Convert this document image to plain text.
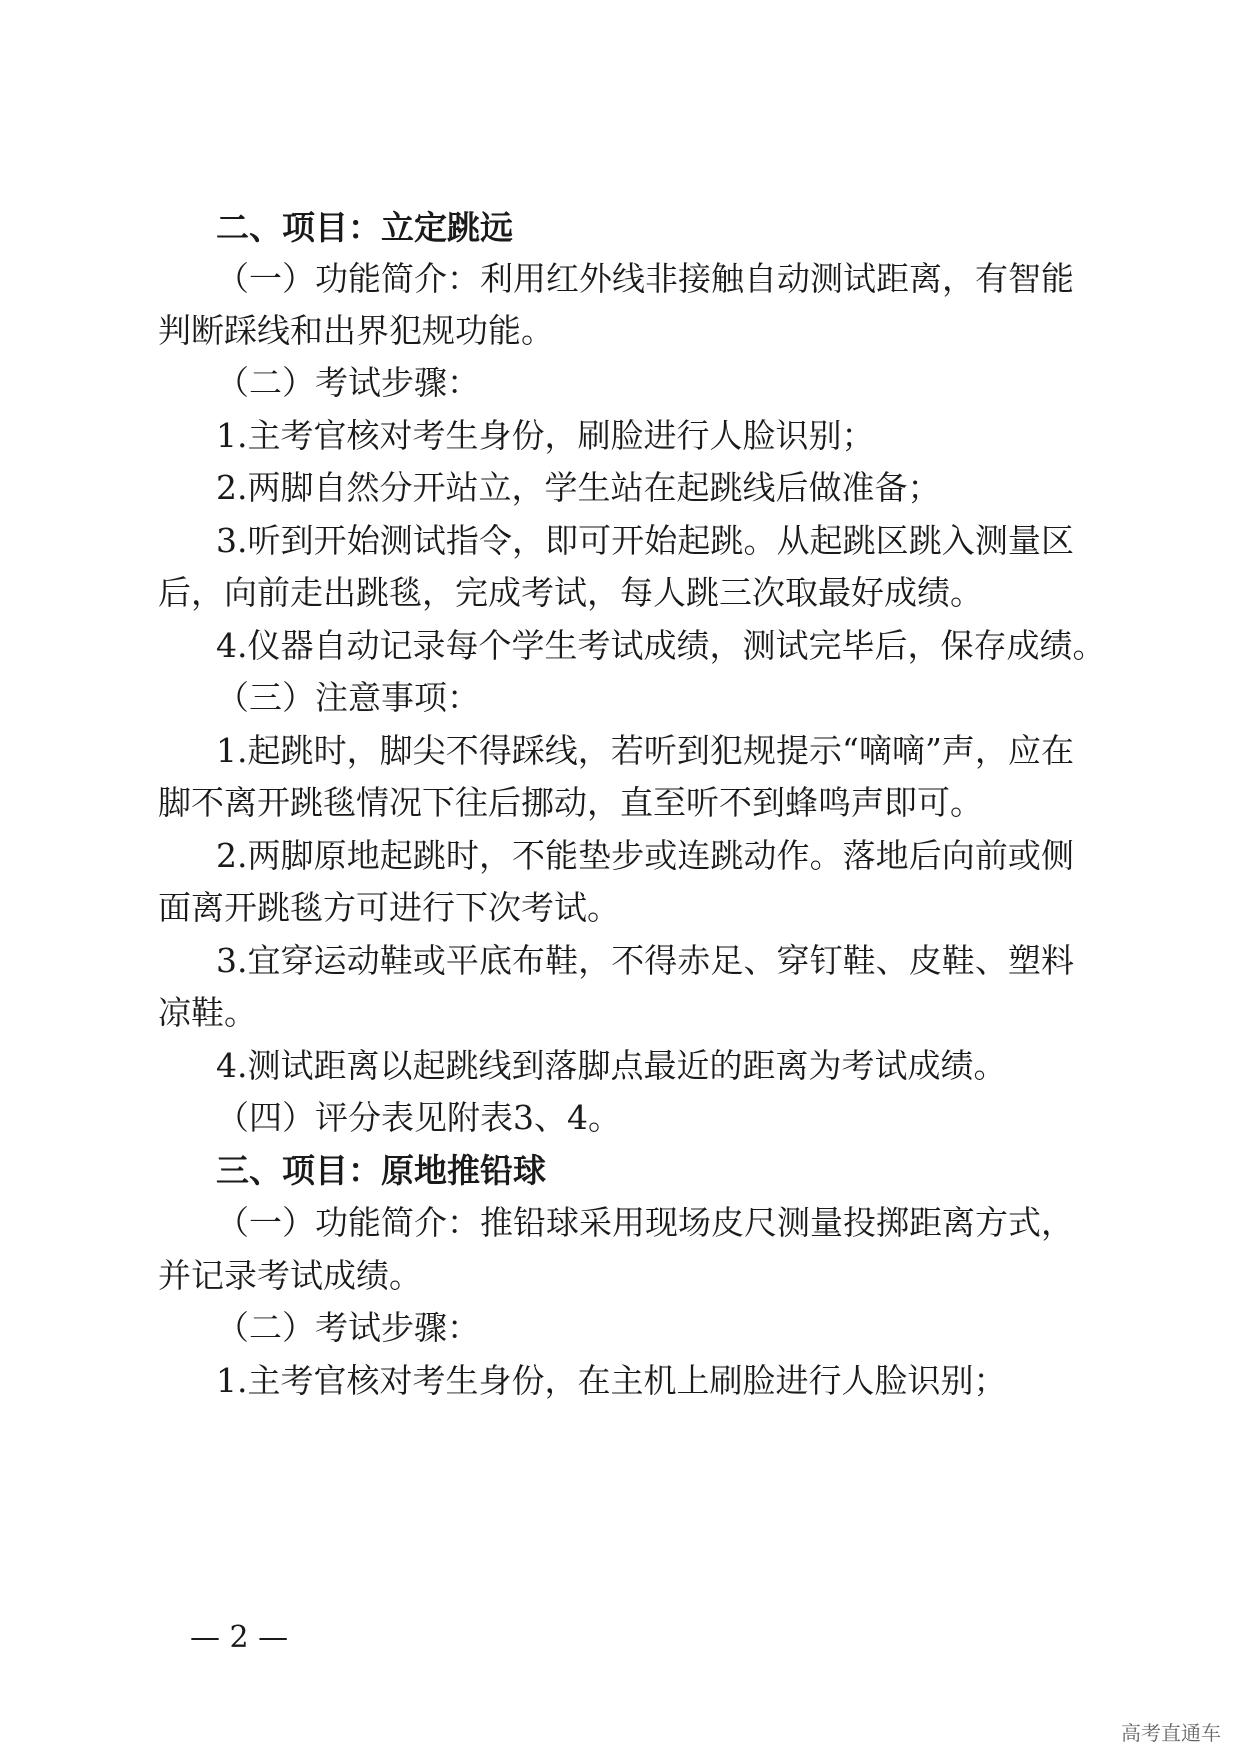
二、项目：立定跳远
（一）功能简介：利用红外线非接触自动测试距离，有智能
判断踩线和出界犯规功能。
（二）考试步骤：
1.主考官核对考生身份，刷脸进行人脸识别；
2.两脚自然分开站立，学生站在起跳线后做准备；
3.听到开始测试指令，即可开始起跳。从起跳区跳入测量区
后，向前走出跳毯，完成考试，每人跳三次取最好成绩。
4.仪器自动记录每个学生考试成绩，测试完毕后，保存成绩。
（三）注意事项：
1.起跳时，脚尖不得踩线，若听到犯规提示“嘀嘀”声，应在
脚不离开跳毯情况下往后挪动，直至听不到蜂鸣声即可。
2.两脚原地起跳时，不能垫步或连跳动作。落地后向前或侧
面离开跳毯方可进行下次考试。
3.宜穿运动鞋或平底布鞋，不得赤足、穿钉鞋、皮鞋、塑料
凉鞋。
4.测试距离以起跳线到落脚点最近的距离为考试成绩。
（四）评分表见附表3、4。
三、项目：原地推铅球
（一）功能简介：推铅球采用现场皮尺测量投掷距离方式，
并记录考试成绩。
（二）考试步骤：
1.主考官核对考生身份，在主机上刷脸进行人脸识别；
— 2 —
高考直通车
